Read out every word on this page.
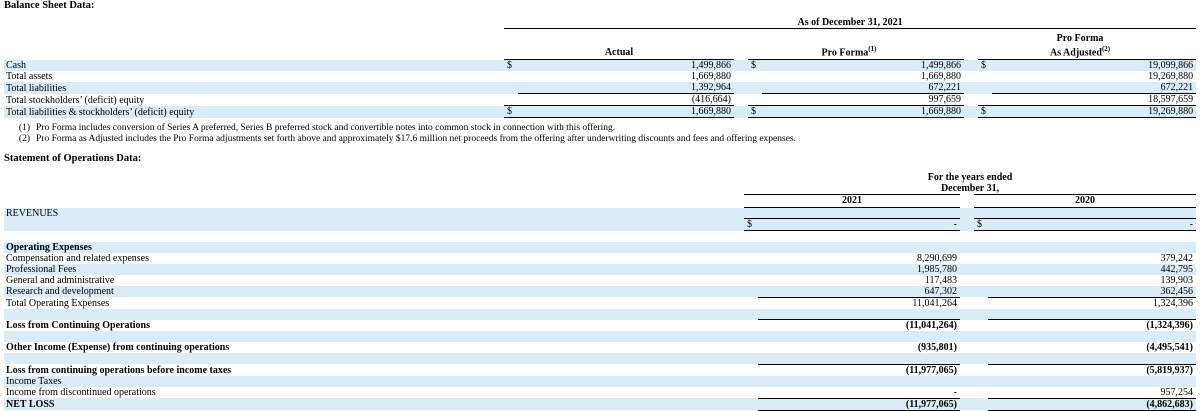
Balance Sheet Data:
	As of December 31, 2021							

	Actual		Pro Forma$^{(1)}$			Pro Forma
As Adjusted$^{(2)}$

Cash	$	1,499,866		$	1,499,866		$	19,099,866
Total assets		1,669,880			1,669,880			19,269,880
Total liabilities		1,392,964			672,221			672,221
Total stockholders’ (deficit) equity		(416,664)			997,659			18,597,659
Total liabilities & stockholders’ (deficit) equity	$	1,669,880		$	1,669,880		$	19,269,880
(1) Pro Forma includes conversion of Series A preferred, Series B preferred stock and convertible notes into common stock in connection with this offering.
(2) Pro Forma as Adjusted includes the Pro Forma adjustments set forth above and approximately $17.6 million net proceeds from the offering after underwriting discounts and fees and offering expenses.
Statement of Operations Data:

	For the years ended
December 31,				

	2021			2020	

REVENUES					
	$	-		$	-

Operating Expenses					
Compensation and related expenses		8,290,699			379,242
Professional Fees		1,985,780			442,795
General and administrative		117,483			139,903
Research and development		647,302			362,456
Total Operating Expenses		11,041,264			1,324,396

Loss from Continuing Operations		(11,041,264)			(1,324,396)

Other Income (Expense) from continuing operations		(935,801)			(4,495,541)

Loss from continuing operations before income taxes		(11,977,065)			(5,819,937)
Income Taxes					
Income from discontinued operations		-			957,254
NET LOSS		(11,977,065)			(4,862,683)
